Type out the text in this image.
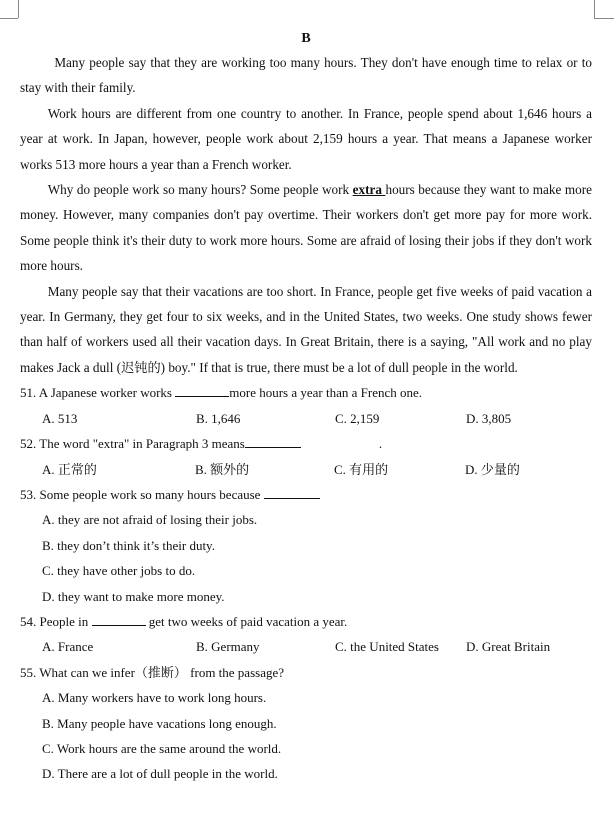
B

Many people say that they are working too many hours. They don't have enough time to relax or to stay with their family.

Work hours are different from one country to another. In France, people spend about 1,646 hours a year at work. In Japan, however, people work about 2,159 hours a year. That means a Japanese worker works 513 more hours a year than a French worker.

Why do people work so many hours? Some people work extra hours because they want to make more money. However, many companies don't pay overtime. Their workers don't get more pay for more work. Some people think it's their duty to work more hours. Some are afraid of losing their jobs if they don't work more hours.

Many people say that their vacations are too short. In France, people get five weeks of paid vacation a year. In Germany, they get four to six weeks, and in the United States, two weeks. One study shows fewer than half of workers used all their vacation days. In Great Britain, there is a saying, "All work and no play makes Jack a dull (迟钝的) boy." If that is true, there must be a lot of dull people in the world.

51. A Japanese worker works	more hours a year than a French one.

A. 513	B. 1,646	C. 2,159	D. 3,805

52. The word "extra" in Paragraph 3 means	.

A. 正常的	B. 额外的	C. 有用的	D. 少量的

53. Some people work so many hours because

A. they are not afraid of losing their jobs.

B. they don’t think it’s their duty.

C. they have other jobs to do.

D. they want to make more money.

54. People in	get two weeks of paid vacation a year.

A. France	B. Germany	C. the United States	D. Great Britain

55. What can we infer（推断） from the passage?

A. Many workers have to work long hours.

B. Many people have vacations long enough.

C. Work hours are the same around the world.

D. There are a lot of dull people in the world.
